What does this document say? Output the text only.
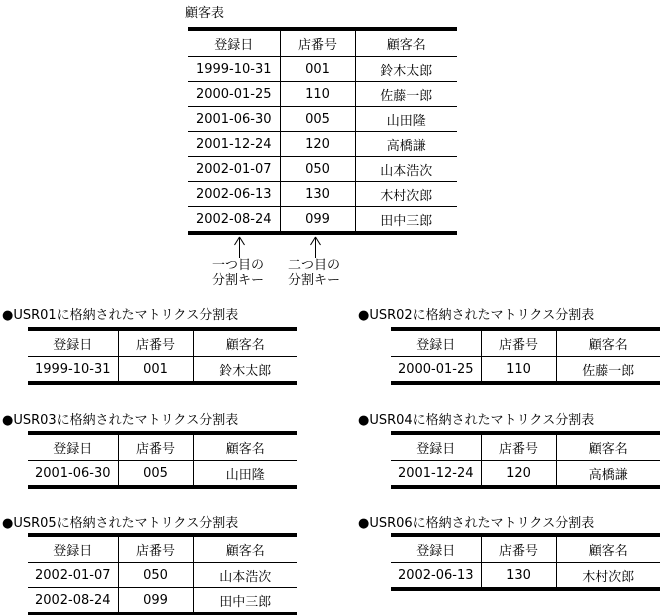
顧客表
登録日	店番号	顧客名
1999-10-31	001	鈴木太郎
2000-01-25	110	佐藤一郎
2001-06-30	005	山田隆
2001-12-24	120	高橋謙
2002-01-07	050	山本浩次
2002-06-13	130	木村次郎
2002-08-24	099	田中三郎
一つ目の
分割キー
二つ目の
分割キー
●USR01に格納されたマトリクス分割表
登録日	店番号	顧客名
1999-10-31	001	鈴木太郎
●USR02に格納されたマトリクス分割表
登録日	店番号	顧客名
2000-01-25	110	佐藤一郎
●USR03に格納されたマトリクス分割表
登録日	店番号	顧客名
2001-06-30	005	山田隆
●USR04に格納されたマトリクス分割表
登録日	店番号	顧客名
2001-12-24	120	高橋謙
●USR05に格納されたマトリクス分割表
登録日	店番号	顧客名
2002-01-07	050	山本浩次
2002-08-24	099	田中三郎
●USR06に格納されたマトリクス分割表
登録日	店番号	顧客名
2002-06-13	130	木村次郎
